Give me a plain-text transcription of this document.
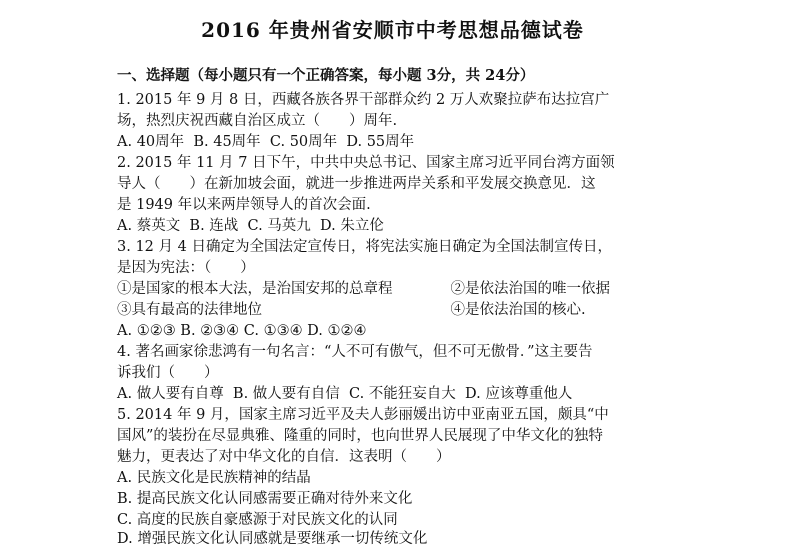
2016 年贵州省安顺市中考思想品德试卷
一、选择题（每小题只有一个正确答案，每小题 3分，共 24分）
1. 2015 年 9 月 8 日，西藏各族各界干部群众约 2 万人欢聚拉萨布达拉宫广
场，热烈庆祝西藏自治区成立（　　）周年.
A. 40周年  B. 45周年  C. 50周年  D. 55周年
2. 2015 年 11 月 7 日下午，中共中央总书记、国家主席习近平同台湾方面领
导人（　　）在新加坡会面，就进一步推进两岸关系和平发展交换意见．这
是 1949 年以来两岸领导人的首次会面.
A. 蔡英文  B. 连战  C. 马英九  D. 朱立伦
3. 12 月 4 日确定为全国法定宣传日，将宪法实施日确定为全国法制宣传日，
是因为宪法：（　　）
①是国家的根本大法，是治国安邦的总章程　　　　②是依法治国的唯一依据
③具有最高的法律地位　　　　　　　　　　　　　④是依法治国的核心.
A. ①②③ B. ②③④ C. ①③④ D. ①②④
4. 著名画家徐悲鸿有一句名言：“人不可有傲气，但不可无傲骨．”这主要告
诉我们（　　）
A. 做人要有自尊  B. 做人要有自信  C. 不能狂妄自大  D. 应该尊重他人
5. 2014 年 9 月，国家主席习近平及夫人彭丽媛出访中亚南亚五国，颇具“中
国风”的装扮在尽显典雅、隆重的同时，也向世界人民展现了中华文化的独特
魅力，更表达了对中华文化的自信．这表明（　　）
A. 民族文化是民族精神的结晶
B. 提高民族文化认同感需要正确对待外来文化
C. 高度的民族自豪感源于对民族文化的认同
D. 增强民族文化认同感就是要继承一切传统文化
